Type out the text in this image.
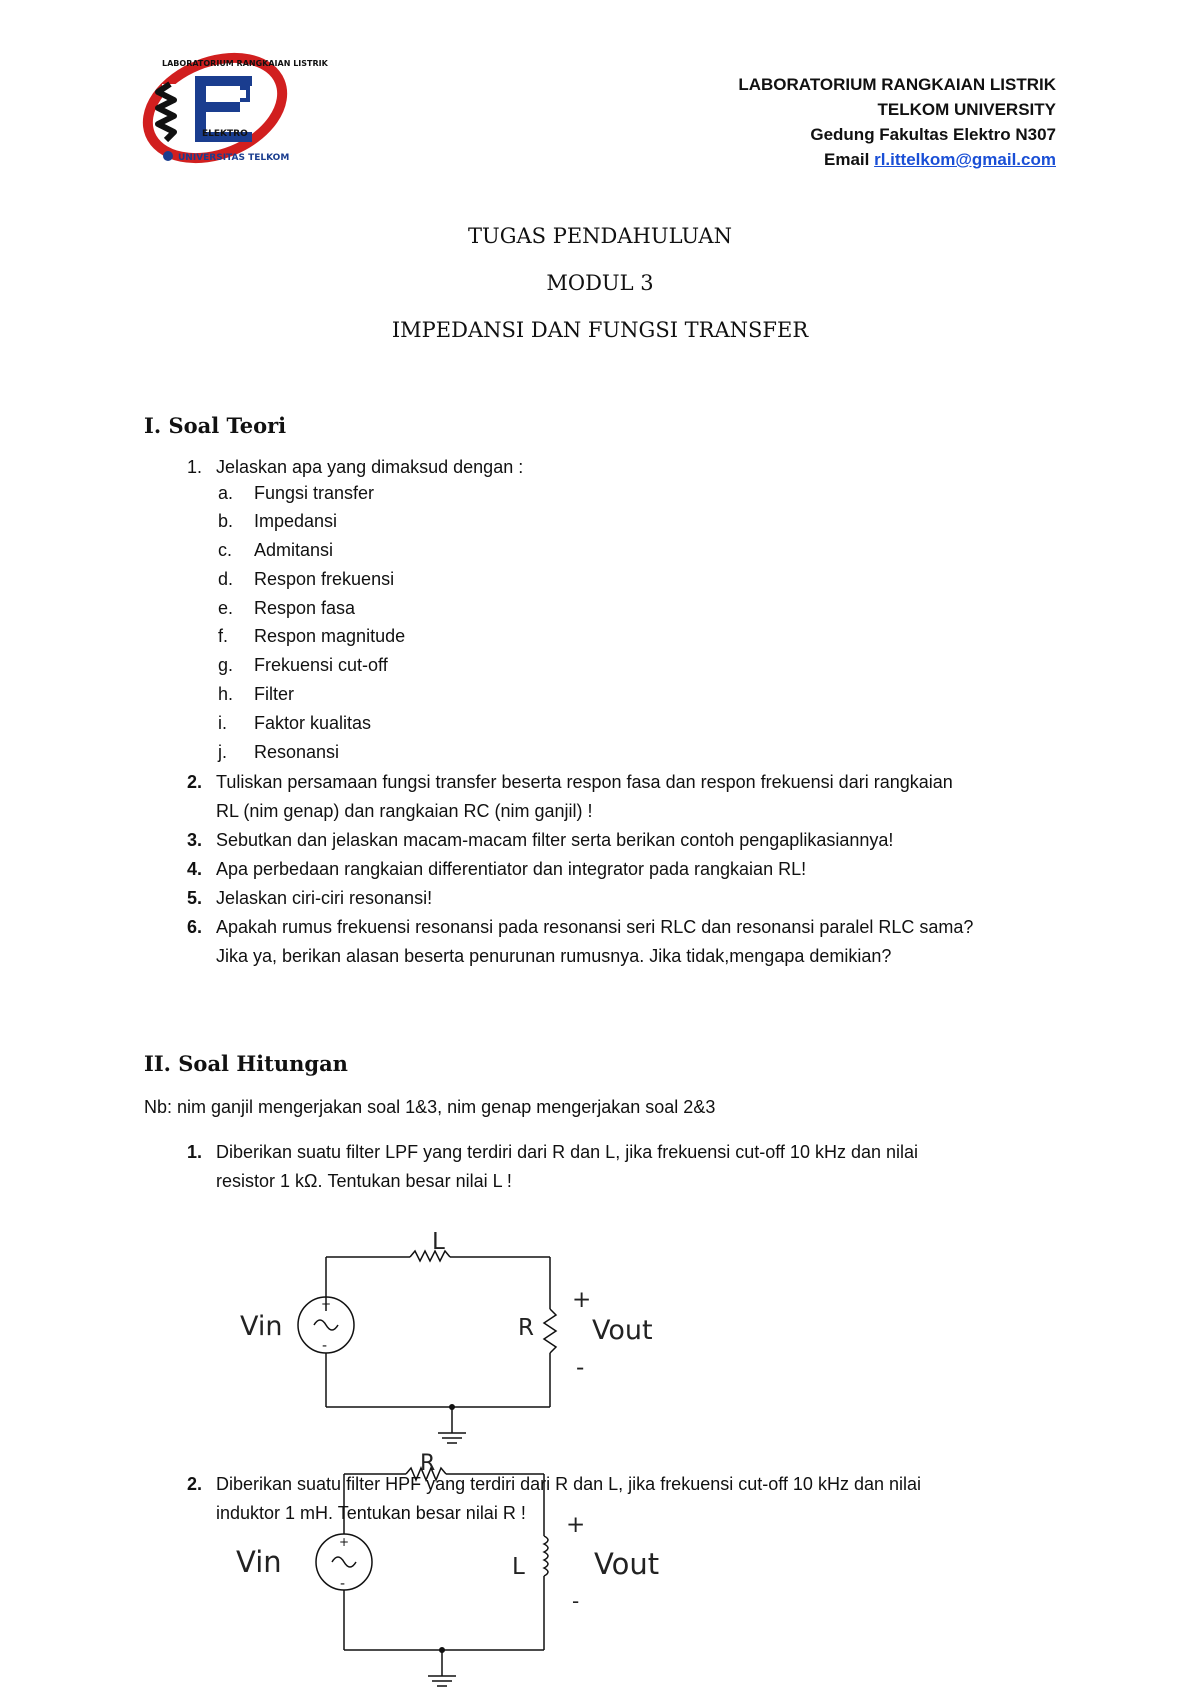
LABORATORIUM RANGKAIAN LISTRIK
ELEKTRO
UNIVERSITAS TELKOM
LABORATORIUM RANGKAIAN LISTRIK
TELKOM UNIVERSITY
Gedung Fakultas Elektro N307
Email rl.ittelkom@gmail.com
TUGAS PENDAHULUAN
MODUL 3
IMPEDANSI DAN FUNGSI TRANSFER
I. Soal Teori
1. Jelaskan apa yang dimaksud dengan :
a. Fungsi transfer
b. Impedansi
c. Admitansi
d. Respon frekuensi
e. Respon fasa
f. Respon magnitude
g. Frekuensi cut-off
h. Filter
i. Faktor kualitas
j. Resonansi
2. Tuliskan persamaan fungsi transfer beserta respon fasa dan respon frekuensi dari rangkaian
RL (nim genap) dan rangkaian RC (nim ganjil) !
3. Sebutkan dan jelaskan macam-macam filter serta berikan contoh pengaplikasiannya!
4. Apa perbedaan rangkaian differentiator dan integrator pada rangkaian RL!
5. Jelaskan ciri-ciri resonansi!
6. Apakah rumus frekuensi resonansi pada resonansi seri RLC dan resonansi paralel RLC sama?
Jika ya, berikan alasan beserta penurunan rumusnya. Jika tidak,mengapa demikian?
II. Soal Hitungan
Nb: nim ganjil mengerjakan soal 1&3, nim genap mengerjakan soal 2&3
1. Diberikan suatu filter LPF yang terdiri dari R dan L, jika frekuensi cut-off 10 kHz dan nilai
resistor 1 kΩ. Tentukan besar nilai L !
+
-
Vin
L
R
+
Vout
-
+
-
Vin
R
L
+
Vout
-
2. Diberikan suatu filter HPF yang terdiri dari R dan L, jika frekuensi cut-off 10 kHz dan nilai
induktor 1 mH. Tentukan besar nilai R !
